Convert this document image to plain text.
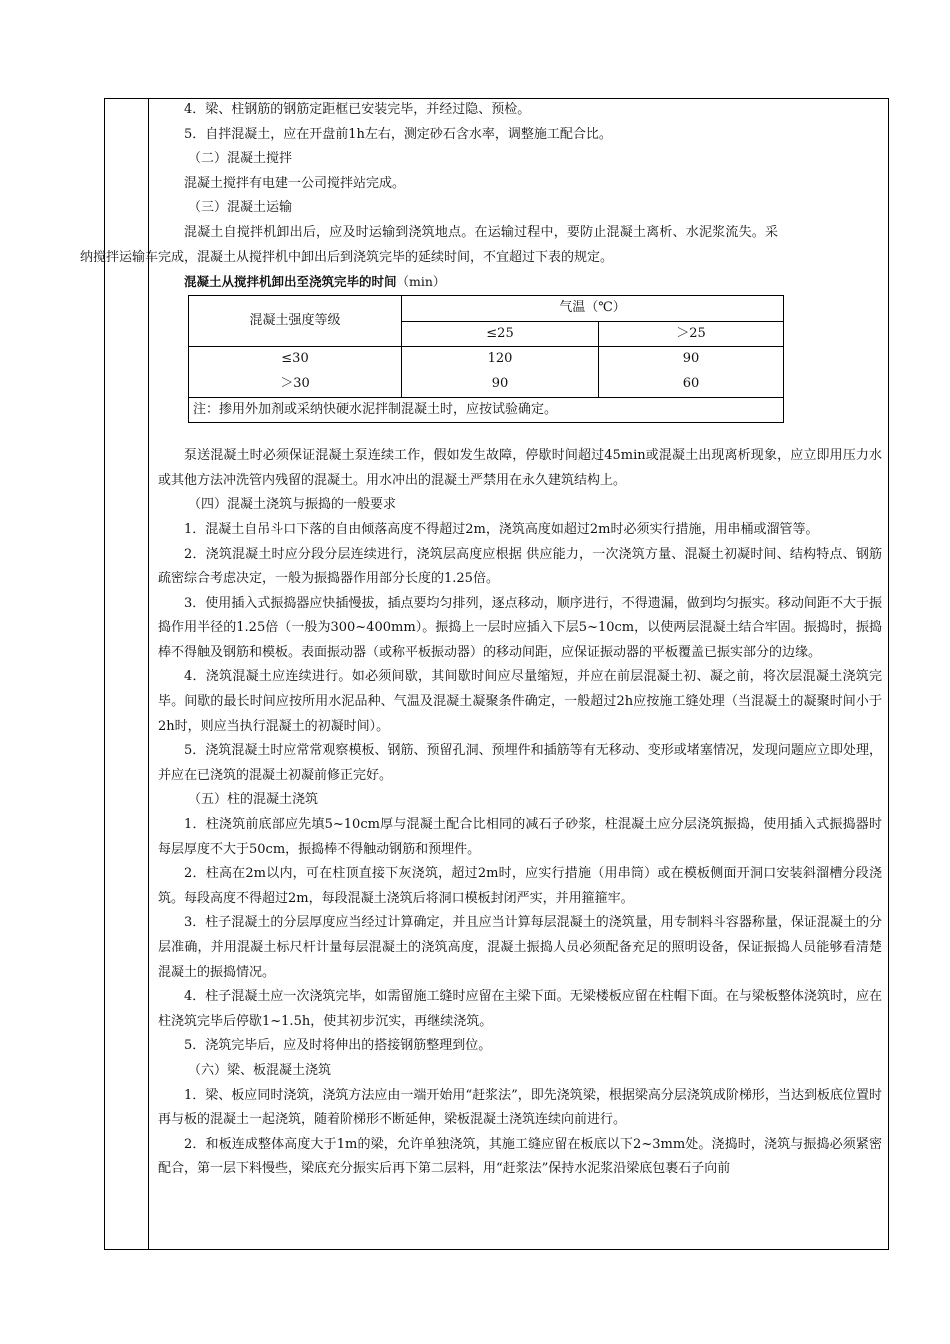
4．梁、柱钢筋的钢筋定距框已安装完毕，并经过隐、预检。

5．自拌混凝土，应在开盘前1h左右，测定砂石含水率，调整施工配合比。

（二）混凝土搅拌

混凝土搅拌有电建一公司搅拌站完成。

（三）混凝土运输

混凝土自搅拌机卸出后，应及时运输到浇筑地点。在运输过程中，要防止混凝土离析、水泥浆流失。采纳搅拌运输车完成，混凝土从搅拌机中卸出后到浇筑完毕的延续时间，不宜超过下表的规定。

混凝土从搅拌机卸出至浇筑完毕的时间（min）

混凝土强度等级	气温（℃）	
	≤25	＞25
≤30	120	90
＞30	90	60
注：掺用外加剂或采纳快硬水泥拌制混凝土时，应按试验确定。		

泵送混凝土时必须保证混凝土泵连续工作，假如发生故障，停歇时间超过45min或混凝土出现离析现象，应立即用压力水或其他方法冲洗管内残留的混凝土。用水冲出的混凝土严禁用在永久建筑结构上。

（四）混凝土浇筑与振捣的一般要求

1．混凝土自吊斗口下落的自由倾落高度不得超过2m，浇筑高度如超过2m时必须实行措施，用串桶或溜管等。

2．浇筑混凝土时应分段分层连续进行，浇筑层高度应根据 供应能力，一次浇筑方量、混凝土初凝时间、结构特点、钢筋疏密综合考虑决定，一般为振捣器作用部分长度的1.25倍。

3．使用插入式振捣器应快插慢拔，插点要均匀排列，逐点移动，顺序进行，不得遗漏，做到均匀振实。移动间距不大于振捣作用半径的1.25倍（一般为300~400mm）。振捣上一层时应插入下层5~10cm，以使两层混凝土结合牢固。振捣时，振捣棒不得触及钢筋和模板。表面振动器（或称平板振动器）的移动间距，应保证振动器的平板覆盖已振实部分的边缘。

4．浇筑混凝土应连续进行。如必须间歇，其间歇时间应尽量缩短，并应在前层混凝土初、凝之前，将次层混凝土浇筑完毕。间歇的最长时间应按所用水泥品种、气温及混凝土凝聚条件确定，一般超过2h应按施工缝处理（当混凝土的凝聚时间小于2h时，则应当执行混凝土的初凝时间）。

5．浇筑混凝土时应常常观察模板、钢筋、预留孔洞、预埋件和插筋等有无移动、变形或堵塞情况，发现问题应立即处理，并应在已浇筑的混凝土初凝前修正完好。

（五）柱的混凝土浇筑

1．柱浇筑前底部应先填5~10cm厚与混凝土配合比相同的减石子砂浆，柱混凝土应分层浇筑振捣，使用插入式振捣器时每层厚度不大于50cm，振捣棒不得触动钢筋和预埋件。

2．柱高在2m以内，可在柱顶直接下灰浇筑，超过2m时，应实行措施（用串筒）或在模板侧面开洞口安装斜溜槽分段浇筑。每段高度不得超过2m，每段混凝土浇筑后将洞口模板封闭严实，并用箍箍牢。

3．柱子混凝土的分层厚度应当经过计算确定，并且应当计算每层混凝土的浇筑量，用专制料斗容器称量，保证混凝土的分层准确，并用混凝土标尺杆计量每层混凝土的浇筑高度，混凝土振捣人员必须配备充足的照明设备，保证振捣人员能够看清楚混凝土的振捣情况。

4．柱子混凝土应一次浇筑完毕，如需留施工缝时应留在主梁下面。无梁楼板应留在柱帽下面。在与梁板整体浇筑时，应在柱浇筑完毕后停歇1~1.5h，使其初步沉实，再继续浇筑。

5．浇筑完毕后，应及时将伸出的搭接钢筋整理到位。

（六）梁、板混凝土浇筑

1．梁、板应同时浇筑，浇筑方法应由一端开始用“赶浆法”，即先浇筑梁，根据梁高分层浇筑成阶梯形，当达到板底位置时再与板的混凝土一起浇筑，随着阶梯形不断延伸，梁板混凝土浇筑连续向前进行。

2．和板连成整体高度大于1m的梁，允许单独浇筑，其施工缝应留在板底以下2~3mm处。浇捣时，浇筑与振捣必须紧密配合，第一层下料慢些，梁底充分振实后再下第二层料，用“赶浆法”保持水泥浆沿梁底包裹石子向前
